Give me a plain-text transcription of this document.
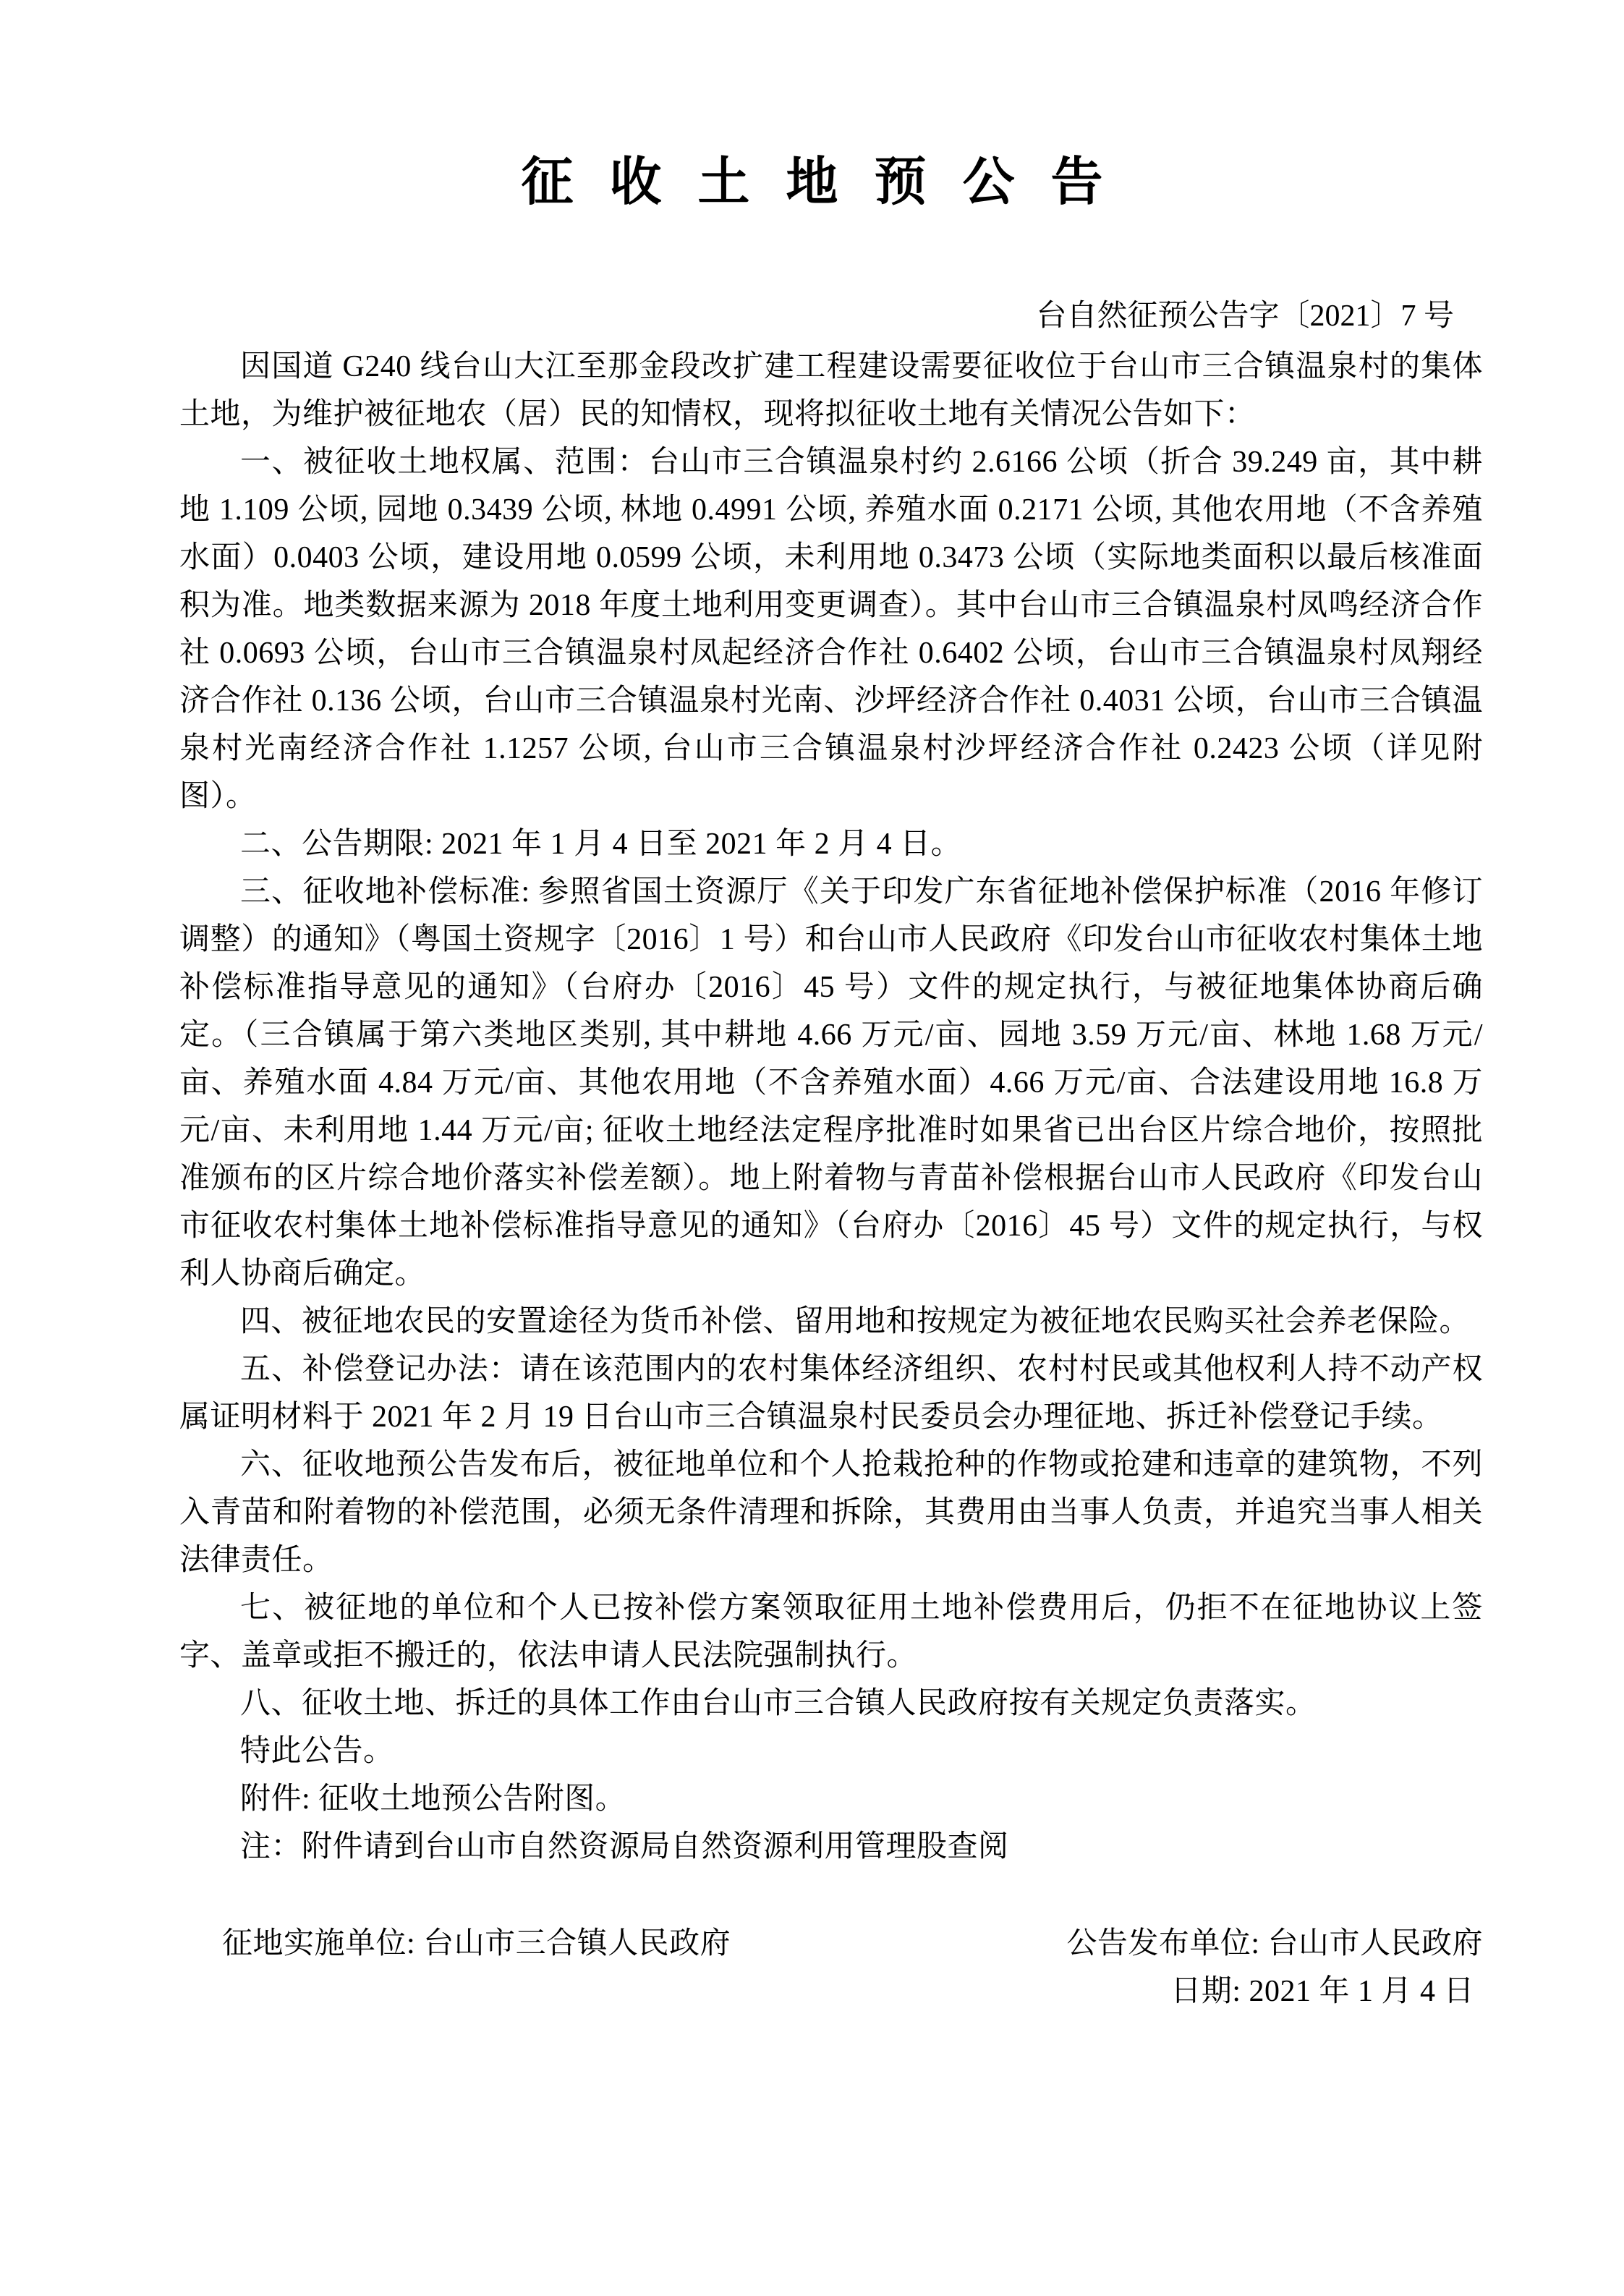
征收土地预公告
台自然征预公告字〔2021〕7 号

因国道 G240 线台山大江至那金段改扩建工程建设需要征收位于台山市三合镇温泉村的集体土地，为维护被征地农（居）民的知情权，现将拟征收土地有关情况公告如下：

一、被征收土地权属、范围：台山市三合镇温泉村约 2.6166 公顷（折合 39.249 亩，其中耕地 1.109 公顷, 园地 0.3439 公顷, 林地 0.4991 公顷, 养殖水面 0.2171 公顷, 其他农用地（不含养殖水面）0.0403 公顷，建设用地 0.0599 公顷，未利用地 0.3473 公顷（实际地类面积以最后核准面积为准。地类数据来源为 2018 年度土地利用变更调查）。其中台山市三合镇温泉村凤鸣经济合作社 0.0693 公顷，台山市三合镇温泉村凤起经济合作社 0.6402 公顷，台山市三合镇温泉村凤翔经济合作社 0.136 公顷，台山市三合镇温泉村光南、沙坪经济合作社 0.4031 公顷，台山市三合镇温泉村光南经济合作社 1.1257 公顷, 台山市三合镇温泉村沙坪经济合作社 0.2423 公顷（详见附图）。

二、公告期限: 2021 年 1 月 4 日至 2021 年 2 月 4 日。

三、征收地补偿标准: 参照省国土资源厅《关于印发广东省征地补偿保护标准（2016 年修订调整）的通知》（粤国土资规字〔2016〕1 号）和台山市人民政府《印发台山市征收农村集体土地补偿标准指导意见的通知》（台府办〔2016〕45 号）文件的规定执行，与被征地集体协商后确定。（三合镇属于第六类地区类别, 其中耕地 4.66 万元/亩、园地 3.59 万元/亩、林地 1.68 万元/亩、养殖水面 4.84 万元/亩、其他农用地（不含养殖水面）4.66 万元/亩、合法建设用地 16.8 万元/亩、未利用地 1.44 万元/亩; 征收土地经法定程序批准时如果省已出台区片综合地价，按照批准颁布的区片综合地价落实补偿差额）。地上附着物与青苗补偿根据台山市人民政府《印发台山市征收农村集体土地补偿标准指导意见的通知》（台府办〔2016〕45 号）文件的规定执行，与权利人协商后确定。

四、被征地农民的安置途径为货币补偿、留用地和按规定为被征地农民购买社会养老保险。

五、补偿登记办法：请在该范围内的农村集体经济组织、农村村民或其他权利人持不动产权属证明材料于 2021 年 2 月 19 日台山市三合镇温泉村民委员会办理征地、拆迁补偿登记手续。

六、征收地预公告发布后，被征地单位和个人抢栽抢种的作物或抢建和违章的建筑物，不列入青苗和附着物的补偿范围，必须无条件清理和拆除，其费用由当事人负责，并追究当事人相关法律责任。

七、被征地的单位和个人已按补偿方案领取征用土地补偿费用后，仍拒不在征地协议上签字、盖章或拒不搬迁的，依法申请人民法院强制执行。

八、征收土地、拆迁的具体工作由台山市三合镇人民政府按有关规定负责落实。

特此公告。

附件: 征收土地预公告附图。

注：附件请到台山市自然资源局自然资源利用管理股查阅

征地实施单位: 台山市三合镇人民政府	公告发布单位: 台山市人民政府
日期: 2021 年 1 月 4 日
